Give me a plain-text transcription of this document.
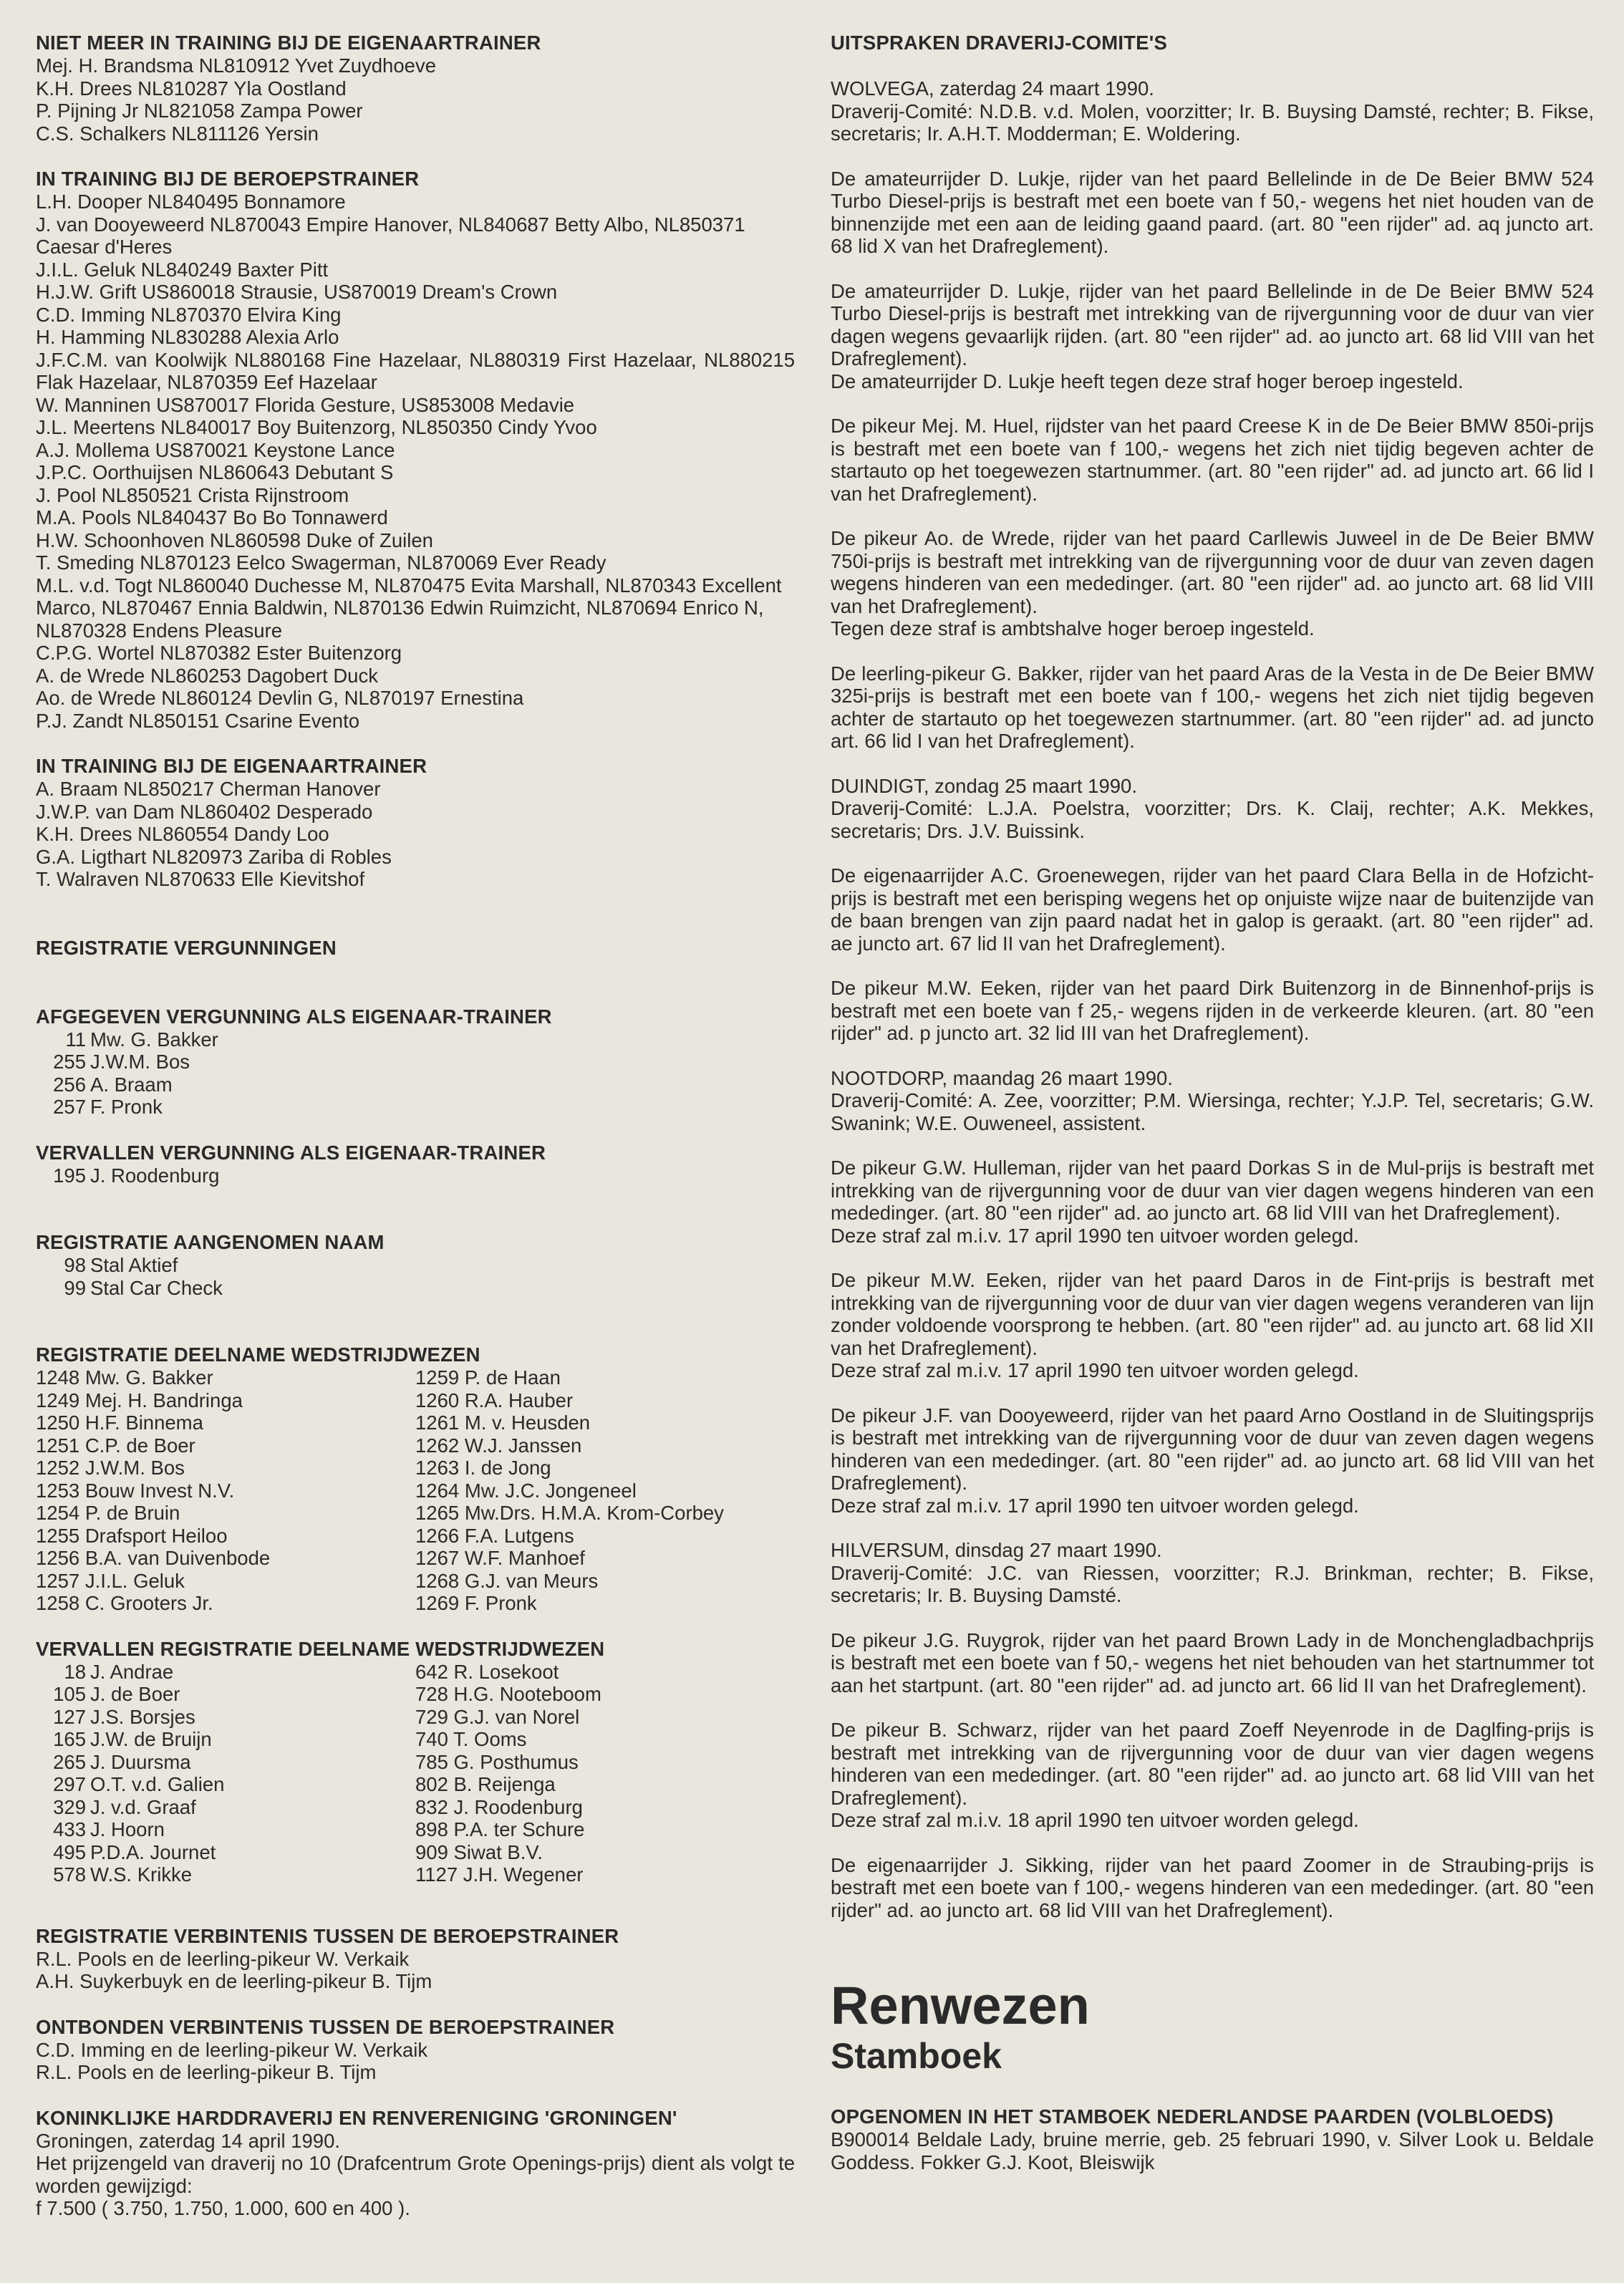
NIET MEER IN TRAINING BIJ DE EIGENAARTRAINER

Mej. H. Brandsma NL810912 Yvet Zuydhoeve

K.H. Drees NL810287 Yla Oostland

P. Pijning Jr NL821058 Zampa Power

C.S. Schalkers NL811126 Yersin

IN TRAINING BIJ DE BEROEPSTRAINER

L.H. Dooper NL840495 Bonnamore

J. van Dooyeweerd NL870043 Empire Hanover, NL840687 Betty Albo, NL850371 Caesar d'Heres

J.I.L. Geluk NL840249 Baxter Pitt

H.J.W. Grift US860018 Strausie, US870019 Dream's Crown

C.D. Imming NL870370 Elvira King

H. Hamming NL830288 Alexia Arlo

J.F.C.M. van Koolwijk NL880168 Fine Hazelaar, NL880319 First Hazelaar, NL880215 Flak Hazelaar, NL870359 Eef Hazelaar

W. Manninen US870017 Florida Gesture, US853008 Medavie

J.L. Meertens NL840017 Boy Buitenzorg, NL850350 Cindy Yvoo

A.J. Mollema US870021 Keystone Lance

J.P.C. Oorthuijsen NL860643 Debutant S

J. Pool NL850521 Crista Rijnstroom

M.A. Pools NL840437 Bo Bo Tonnawerd

H.W. Schoonhoven NL860598 Duke of Zuilen

T. Smeding NL870123 Eelco Swagerman, NL870069 Ever Ready

M.L. v.d. Togt NL860040 Duchesse M, NL870475 Evita Marshall, NL870343 Excellent Marco, NL870467 Ennia Baldwin, NL870136 Edwin Ruimzicht, NL870694 Enrico N, NL870328 Endens Pleasure

C.P.G. Wortel NL870382 Ester Buitenzorg

A. de Wrede NL860253 Dagobert Duck

Ao. de Wrede NL860124 Devlin G, NL870197 Ernestina

P.J. Zandt NL850151 Csarine Evento

IN TRAINING BIJ DE EIGENAARTRAINER

A. Braam NL850217 Cherman Hanover

J.W.P. van Dam NL860402 Desperado

K.H. Drees NL860554 Dandy Loo

G.A. Ligthart NL820973 Zariba di Robles

T. Walraven NL870633 Elle Kievitshof

REGISTRATIE VERGUNNINGEN
AFGEGEVEN VERGUNNING ALS EIGENAAR-TRAINER

11 Mw. G. Bakker

255 J.W.M. Bos

256 A. Braam

257 F. Pronk

VERVALLEN VERGUNNING ALS EIGENAAR-TRAINER

195 J. Roodenburg

REGISTRATIE AANGENOMEN NAAM

98 Stal Aktief

99 Stal Car Check

REGISTRATIE DEELNAME WEDSTRIJDWEZEN

1248 Mw. G. Bakker

1249 Mej. H. Bandringa

1250 H.F. Binnema

1251 C.P. de Boer

1252 J.W.M. Bos

1253 Bouw Invest N.V.

1254 P. de Bruin

1255 Drafsport Heiloo

1256 B.A. van Duivenbode

1257 J.I.L. Geluk

1258 C. Grooters Jr.

1259 P. de Haan

1260 R.A. Hauber

1261 M. v. Heusden

1262 W.J. Janssen

1263 I. de Jong

1264 Mw. J.C. Jongeneel

1265 Mw.Drs. H.M.A. Krom-Corbey

1266 F.A. Lutgens

1267 W.F. Manhoef

1268 G.J. van Meurs

1269 F. Pronk

VERVALLEN REGISTRATIE DEELNAME WEDSTRIJDWEZEN

18 J. Andrae

105 J. de Boer

127 J.S. Borsjes

165 J.W. de Bruijn

265 J. Duursma

297 O.T. v.d. Galien

329 J. v.d. Graaf

433 J. Hoorn

495 P.D.A. Journet

578 W.S. Krikke

642 R. Losekoot

728 H.G. Nooteboom

729 G.J. van Norel

740 T. Ooms

785 G. Posthumus

802 B. Reijenga

832 J. Roodenburg

898 P.A. ter Schure

909 Siwat B.V.

1127 J.H. Wegener

REGISTRATIE VERBINTENIS TUSSEN DE BEROEPSTRAINER

R.L. Pools en de leerling-pikeur W. Verkaik

A.H. Suykerbuyk en de leerling-pikeur B. Tijm

ONTBONDEN VERBINTENIS TUSSEN DE BEROEPSTRAINER

C.D. Imming en de leerling-pikeur W. Verkaik

R.L. Pools en de leerling-pikeur B. Tijm

KONINKLIJKE HARDDRAVERIJ EN RENVERENIGING 'GRONINGEN'

Groningen, zaterdag 14 april 1990.

Het prijzengeld van draverij no 10 (Drafcentrum Grote Openings-prijs) dient als volgt te worden gewijzigd:

f 7.500 ( 3.750, 1.750, 1.000, 600 en 400 ).

UITSPRAKEN DRAVERIJ-COMITE'S

WOLVEGA, zaterdag 24 maart 1990.
Draverij-Comité: N.D.B. v.d. Molen, voorzitter; Ir. B. Buysing Damsté, rechter; B. Fikse, secretaris; Ir. A.H.T. Modderman; E. Woldering.

De amateurrijder D. Lukje, rijder van het paard Bellelinde in de De Beier BMW 524 Turbo Diesel-prijs is bestraft met een boete van f 50,- wegens het niet houden van de binnenzijde met een aan de leiding gaand paard. (art. 80 "een rijder" ad. aq juncto art. 68 lid X van het Drafreglement).

De amateurrijder D. Lukje, rijder van het paard Bellelinde in de De Beier BMW 524 Turbo Diesel-prijs is bestraft met intrekking van de rijvergunning voor de duur van vier dagen wegens gevaarlijk rijden. (art. 80 "een rijder" ad. ao juncto art. 68 lid VIII van het Drafreglement).
De amateurrijder D. Lukje heeft tegen deze straf hoger beroep ingesteld.

De pikeur Mej. M. Huel, rijdster van het paard Creese K in de De Beier BMW 850i-prijs is bestraft met een boete van f 100,- wegens het zich niet tijdig begeven achter de startauto op het toegewezen startnummer. (art. 80 "een rijder" ad. ad juncto art. 66 lid I van het Drafreglement).

De pikeur Ao. de Wrede, rijder van het paard Carllewis Juweel in de De Beier BMW 750i-prijs is bestraft met intrekking van de rijvergunning voor de duur van zeven dagen wegens hinderen van een mededinger. (art. 80 "een rijder" ad. ao juncto art. 68 lid VIII van het Drafreglement).
Tegen deze straf is ambtshalve hoger beroep ingesteld.

De leerling-pikeur G. Bakker, rijder van het paard Aras de la Vesta in de De Beier BMW 325i-prijs is bestraft met een boete van f 100,- wegens het zich niet tijdig begeven achter de startauto op het toegewezen startnummer. (art. 80 "een rijder" ad. ad juncto art. 66 lid I van het Drafreglement).

DUINDIGT, zondag 25 maart 1990.
Draverij-Comité: L.J.A. Poelstra, voorzitter; Drs. K. Claij, rechter; A.K. Mekkes, secretaris; Drs. J.V. Buissink.

De eigenaarrijder A.C. Groenewegen, rijder van het paard Clara Bella in de Hofzicht-prijs is bestraft met een berisping wegens het op onjuiste wijze naar de buitenzijde van de baan brengen van zijn paard nadat het in galop is geraakt. (art. 80 "een rijder" ad. ae juncto art. 67 lid II van het Drafreglement).

De pikeur M.W. Eeken, rijder van het paard Dirk Buitenzorg in de Binnenhof-prijs is bestraft met een boete van f 25,- wegens rijden in de verkeerde kleuren. (art. 80 "een rijder" ad. p juncto art. 32 lid III van het Drafreglement).

NOOTDORP, maandag 26 maart 1990.
Draverij-Comité: A. Zee, voorzitter; P.M. Wiersinga, rechter; Y.J.P. Tel, secretaris; G.W. Swanink; W.E. Ouweneel, assistent.

De pikeur G.W. Hulleman, rijder van het paard Dorkas S in de Mul-prijs is bestraft met intrekking van de rijvergunning voor de duur van vier dagen wegens hinderen van een mededinger. (art. 80 "een rijder" ad. ao juncto art. 68 lid VIII van het Drafreglement).
Deze straf zal m.i.v. 17 april 1990 ten uitvoer worden gelegd.

De pikeur M.W. Eeken, rijder van het paard Daros in de Fint-prijs is bestraft met intrekking van de rijvergunning voor de duur van vier dagen wegens veranderen van lijn zonder voldoende voorsprong te hebben. (art. 80 "een rijder" ad. au juncto art. 68 lid XII van het Drafreglement).
Deze straf zal m.i.v. 17 april 1990 ten uitvoer worden gelegd.

De pikeur J.F. van Dooyeweerd, rijder van het paard Arno Oostland in de Sluitingsprijs is bestraft met intrekking van de rijvergunning voor de duur van zeven dagen wegens hinderen van een mededinger. (art. 80 "een rijder" ad. ao juncto art. 68 lid VIII van het Drafreglement).
Deze straf zal m.i.v. 17 april 1990 ten uitvoer worden gelegd.

HILVERSUM, dinsdag 27 maart 1990.
Draverij-Comité: J.C. van Riessen, voorzitter; R.J. Brinkman, rechter; B. Fikse, secretaris; Ir. B. Buysing Damsté.

De pikeur J.G. Ruygrok, rijder van het paard Brown Lady in de Monchengladbachprijs is bestraft met een boete van f 50,- wegens het niet behouden van het startnummer tot aan het startpunt. (art. 80 "een rijder" ad. ad juncto art. 66 lid II van het Drafreglement).

De pikeur B. Schwarz, rijder van het paard Zoeff Neyenrode in de Daglfing-prijs is bestraft met intrekking van de rijvergunning voor de duur van vier dagen wegens hinderen van een mededinger. (art. 80 "een rijder" ad. ao juncto art. 68 lid VIII van het Drafreglement).
Deze straf zal m.i.v. 18 april 1990 ten uitvoer worden gelegd.

De eigenaarrijder J. Sikking, rijder van het paard Zoomer in de Straubing-prijs is bestraft met een boete van f 100,- wegens hinderen van een mededinger. (art. 80 "een rijder" ad. ao juncto art. 68 lid VIII van het Drafreglement).

Renwezen
Stamboek
OPGENOMEN IN HET STAMBOEK NEDERLANDSE PAARDEN (VOLBLOEDS)

B900014 Beldale Lady, bruine merrie, geb. 25 februari 1990, v. Silver Look u. Beldale Goddess. Fokker G.J. Koot, Bleiswijk
